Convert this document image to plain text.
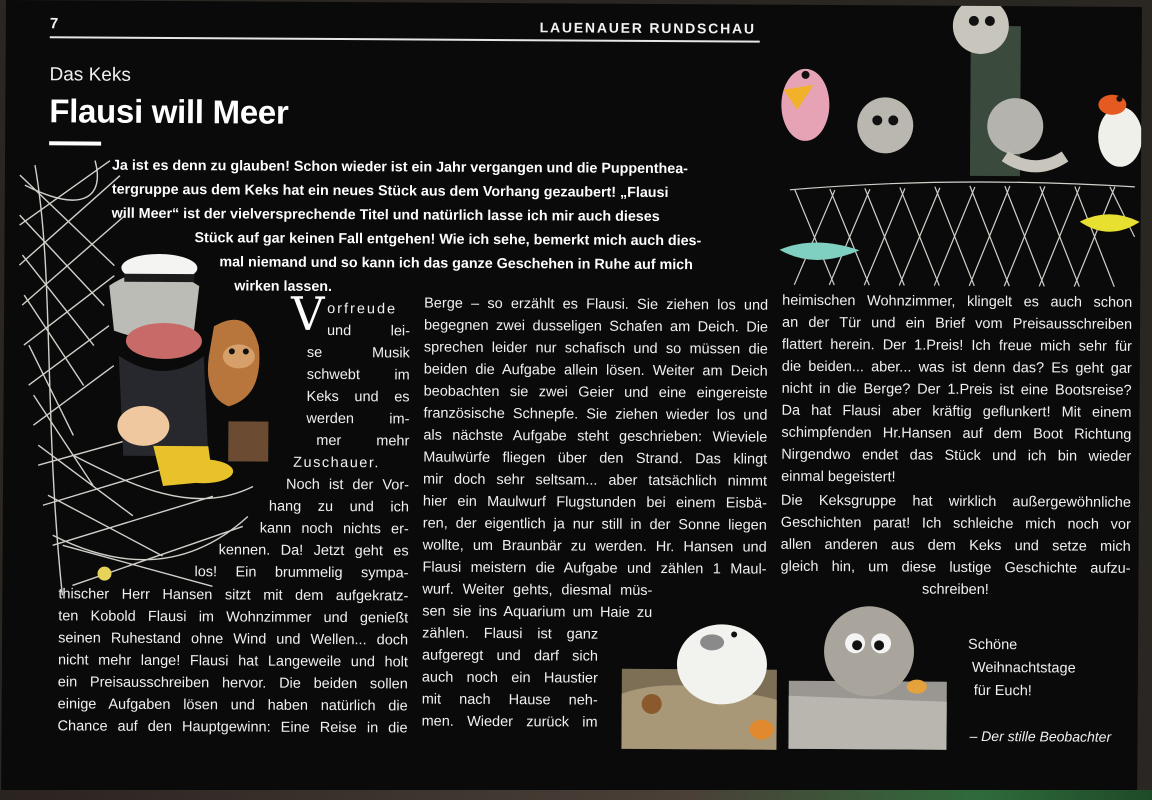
7	LAUENAUER RUNDSCHAU
Das Keks
Flausi will Meer
V
Ja ist es denn zu glauben! Schon wieder ist ein Jahr vergangen und die Puppenthea-
tergruppe aus dem Keks hat ein neues Stück aus dem Vorhang gezaubert! „Flausi
will Meer“ ist der vielversprechende Titel und natürlich lasse ich mir auch dieses
Stück auf gar keinen Fall entgehen! Wie ich sehe, bemerkt mich auch dies-
mal niemand und so kann ich das ganze Geschehen in Ruhe auf mich
wirken lassen.
orfreude
und lei-
se Musik
schwebt im
Keks und es
werden im-
mer mehr
Zuschauer.
Noch ist der Vor-
hang zu und ich
kann noch nichts er-
kennen. Da! Jetzt geht es
los! Ein brummelig sympa-
thischer Herr Hansen sitzt mit dem aufgekratz-
ten Kobold Flausi im Wohnzimmer und genießt
seinen Ruhestand ohne Wind und Wellen... doch
nicht mehr lange! Flausi hat Langeweile und holt
ein Preisausschreiben hervor. Die beiden sollen
einige Aufgaben lösen und haben natürlich die
Chance auf den Hauptgewinn: Eine Reise in die
Berge – so erzählt es Flausi. Sie ziehen los und
begegnen zwei dusseligen Schafen am Deich. Die
sprechen leider nur schafisch und so müssen die
beiden die Aufgabe allein lösen. Weiter am Deich
beobachten sie zwei Geier und eine eingereiste
französische Schnepfe. Sie ziehen wieder los und
als nächste Aufgabe steht geschrieben: Wieviele
Maulwürfe fliegen über den Strand. Das klingt
mir doch sehr seltsam... aber tatsächlich nimmt
hier ein Maulwurf Flugstunden bei einem Eisbä-
ren, der eigentlich ja nur still in der Sonne liegen
wollte, um Braunbär zu werden. Hr. Hansen und
Flausi meistern die Aufgabe und zählen 1 Maul-
wurf. Weiter gehts, diesmal müs-
sen sie ins Aquarium um Haie zu
zählen. Flausi ist ganz
aufgeregt und darf sich
auch noch ein Haustier
mit nach Hause neh-
men. Wieder zurück im
heimischen Wohnzimmer, klingelt es auch schon
an der Tür und ein Brief vom Preisausschreiben
flattert herein. Der 1.Preis! Ich freue mich sehr für
die beiden... aber... was ist denn das? Es geht gar
nicht in die Berge? Der 1.Preis ist eine Bootsreise?
Da hat Flausi aber kräftig geflunkert! Mit einem
schimpfenden Hr.Hansen auf dem Boot Richtung
Nirgendwo endet das Stück und ich bin wieder
einmal begeistert!
Die Keksgruppe hat wirklich außergewöhnliche
Geschichten parat! Ich schleiche mich noch vor
allen anderen aus dem Keks und setze mich
gleich hin, um diese lustige Geschichte aufzu-
schreiben!
Schöne
Weihnachtstage
für Euch!
– Der stille Beobachter
